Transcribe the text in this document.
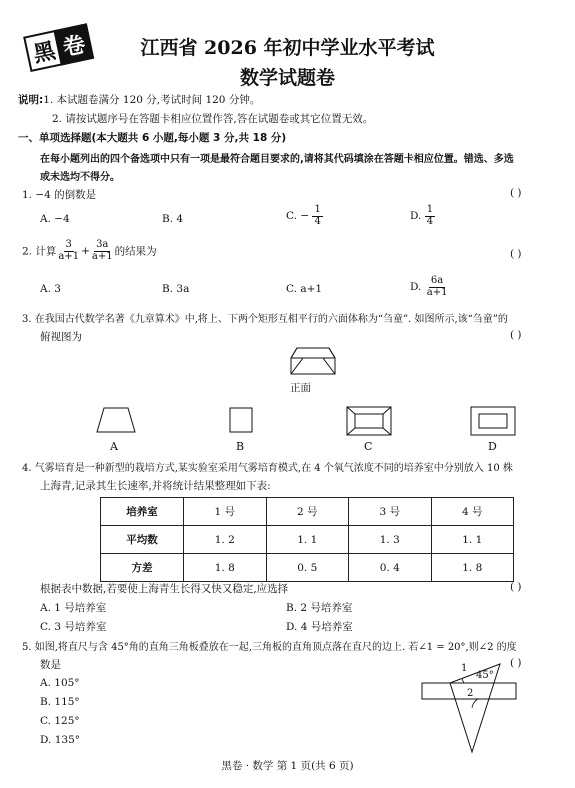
黑 卷	江西省 2026 年初中学业水平考试
数学试题卷
说明:1. 本试题卷满分 120 分,考试时间 120 分钟。
2. 请按试题序号在答题卡相应位置作答,答在试题卷或其它位置无效。
一、单项选择题(本大题共 6 小题,每小题 3 分,共 18 分)
在每小题列出的四个备选项中只有一项是最符合题目要求的,请将其代码填涂在答题卡相应位置。错选、多选
或未选均不得分。
1. −4 的倒数是	( )
A. −4	B. 4	C. − $\frac{1}{4}$	D. $\frac{1}{4}$
2. 计算 $\frac{3}{a+1} + \frac{3a}{a+1}$ 的结果为	( )
A. 3	B. 3a	C. a+1	D. $\frac{6a}{a+1}$
3. 在我国古代数学名著《九章算术》中,将上、下两个矩形互相平行的六面体称为“刍童”. 如图所示,该“刍童”的
俯视图为	( )
正面
A	B	C	D
4. 气雾培育是一种新型的栽培方式,某实验室采用气雾培育模式,在 4 个氧气浓度不同的培养室中分别放入 10 株
上海青,记录其生长速率,并将统计结果整理如下表:
培养室	1 号	2 号	3 号	4 号
平均数	1. 2	1. 1	1. 3	1. 1
方差	1. 8	0. 5	0. 4	1. 8
根据表中数据,若要使上海青生长得又快又稳定,应选择	( )
A. 1 号培养室	B. 2 号培养室
C. 3 号培养室	D. 4 号培养室
5. 如图,将直尺与含 45°角的直角三角板叠放在一起,三角板的直角顶点落在直尺的边上. 若∠1 = 20°,则∠2 的度
数是	( )
A. 105°
B. 115°
C. 125°
D. 135°
1
45°
2
黑卷 · 数学 第 1 页(共 6 页)
